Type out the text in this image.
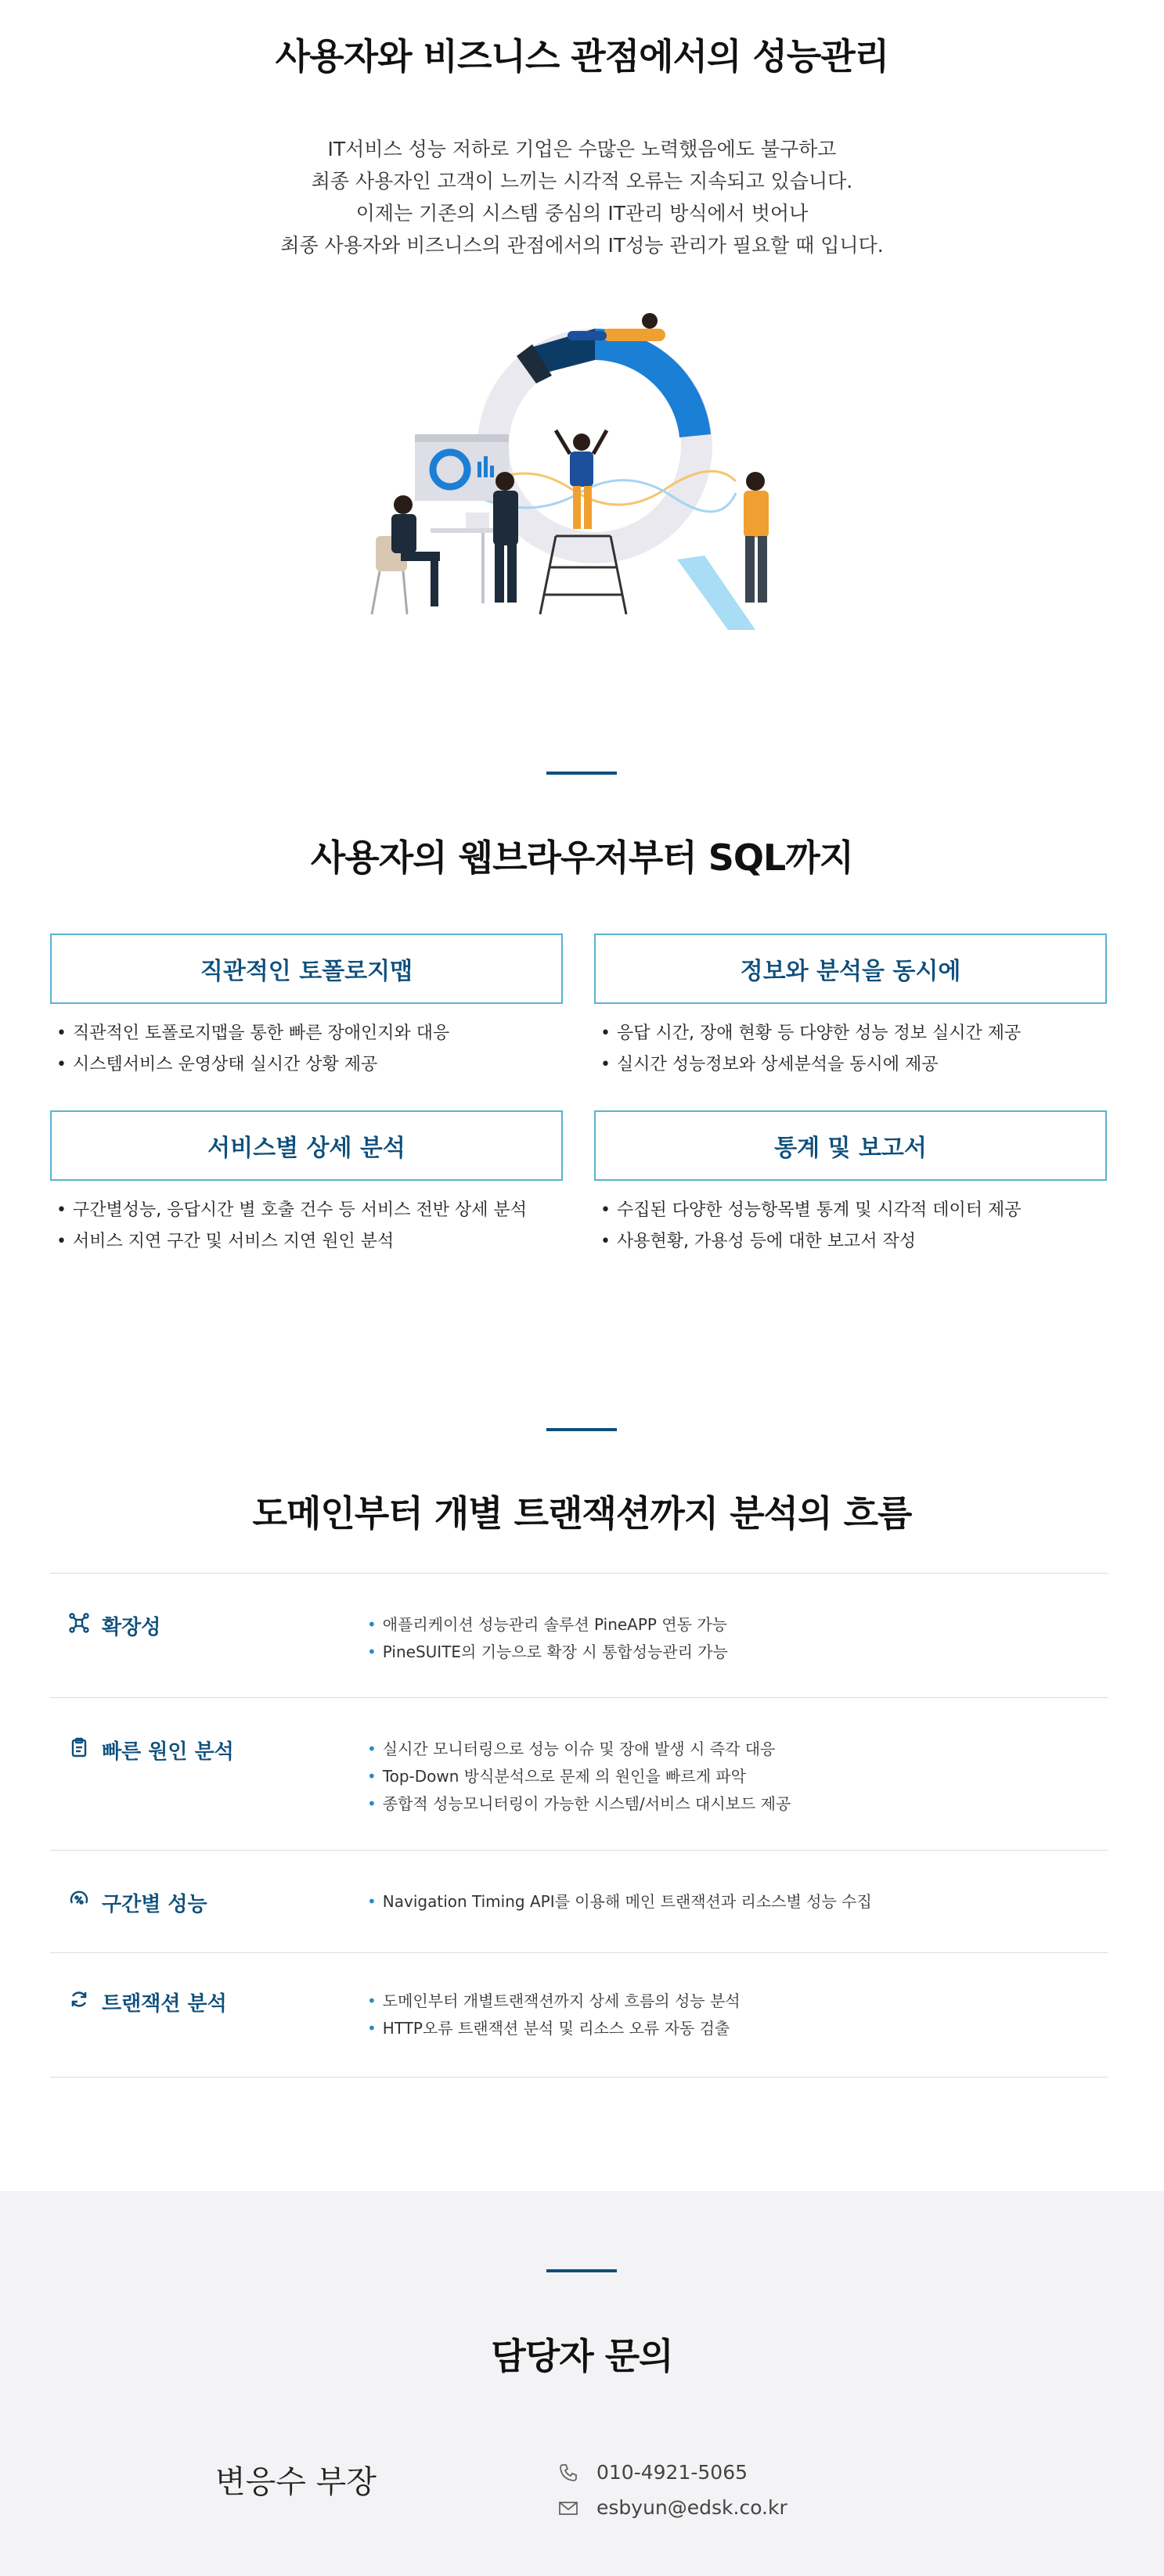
사용자와 비즈니스 관점에서의 성능관리

IT서비스 성능 저하로 기업은 수많은 노력했음에도 불구하고

최종 사용자인 고객이 느끼는 시각적 오류는 지속되고 있습니다.

이제는 기존의 시스템 중심의 IT관리 방식에서 벗어나

최종 사용자와 비즈니스의 관점에서의 IT성능 관리가 필요할 때 입니다.

사용자의 웹브라우저부터 SQL까지
직관적인 토폴로지맵
• 직관적인 토폴로지맵을 통한 빠른 장애인지와 대응
• 시스템서비스 운영상태 실시간 상황 제공
정보와 분석을 동시에
• 응답 시간, 장애 현황 등 다양한 성능 정보 실시간 제공
• 실시간 성능정보와 상세분석을 동시에 제공
서비스별 상세 분석
• 구간별성능, 응답시간 별 호출 건수 등 서비스 전반 상세 분석
• 서비스 지연 구간 및 서비스 지연 원인 분석
통계 및 보고서
• 수집된 다양한 성능항목별 통계 및 시각적 데이터 제공
• 사용현황, 가용성 등에 대한 보고서 작성
도메인부터 개별 트랜잭션까지 분석의 흐름
확장성	• 애플리케이션 성능관리 솔루션 PineAPP 연동 가능
• PineSUITE의 기능으로 확장 시 통합성능관리 가능
빠른 원인 분석	• 실시간 모니터링으로 성능 이슈 및 장애 발생 시 즉각 대응
• Top-Down 방식분석으로 문제 의 원인을 빠르게 파악
• 종합적 성능모니터링이 가능한 시스템/서비스 대시보드 제공
구간별 성능	• Navigation Timing API를 이용해 메인 트랜잭션과 리소스별 성능 수집
트랜잭션 분석	• 도메인부터 개별트랜잭션까지 상세 흐름의 성능 분석
• HTTP오류 트랜잭션 분석 및 리소스 오류 자동 검출
담당자 문의
변응수 부장	010-4921-5065
esbyun@edsk.co.kr
